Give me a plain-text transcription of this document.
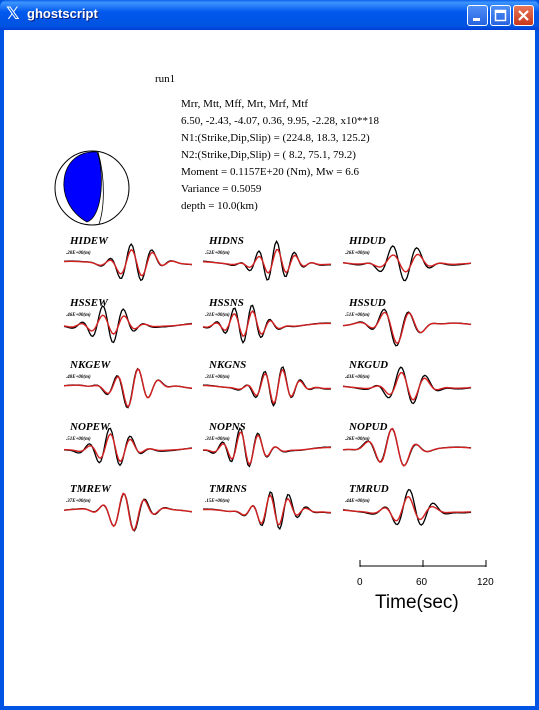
𝕏 ghostscript
run1
Mrr, Mtt, Mff, Mrt, Mrf, Mtf
6.50, -2.43, -4.07, 0.36, 9.95, -2.28, x10**18
N1:(Strike,Dip,Slip) = (224.8, 18.3, 125.2)
N2:(Strike,Dip,Slip) = ( 8.2, 75.1, 79.2)
Moment = 0.1157E+20 (Nm), Mw = 6.6
Variance = 0.5059
depth = 10.0(km)
HIDEW
.20E+00(m)
HIDNS
.52E+00(m)
HIDUD
.26E+00(m)
HSSEW
.46E+00(m)
HSSNS
.31E+00(m)
HSSUD
.51E+00(m)
NKGEW
.48E+00(m)
NKGNS
.31E+00(m)
NKGUD
.43E+00(m)
NOPEW
.51E+00(m)
NOPNS
.31E+00(m)
NOPUD
.26E+00(m)
TMREW
.37E+00(m)
TMRNS
.15E+00(m)
TMRUD
.44E+00(m)
0	60	120
Time(sec)
